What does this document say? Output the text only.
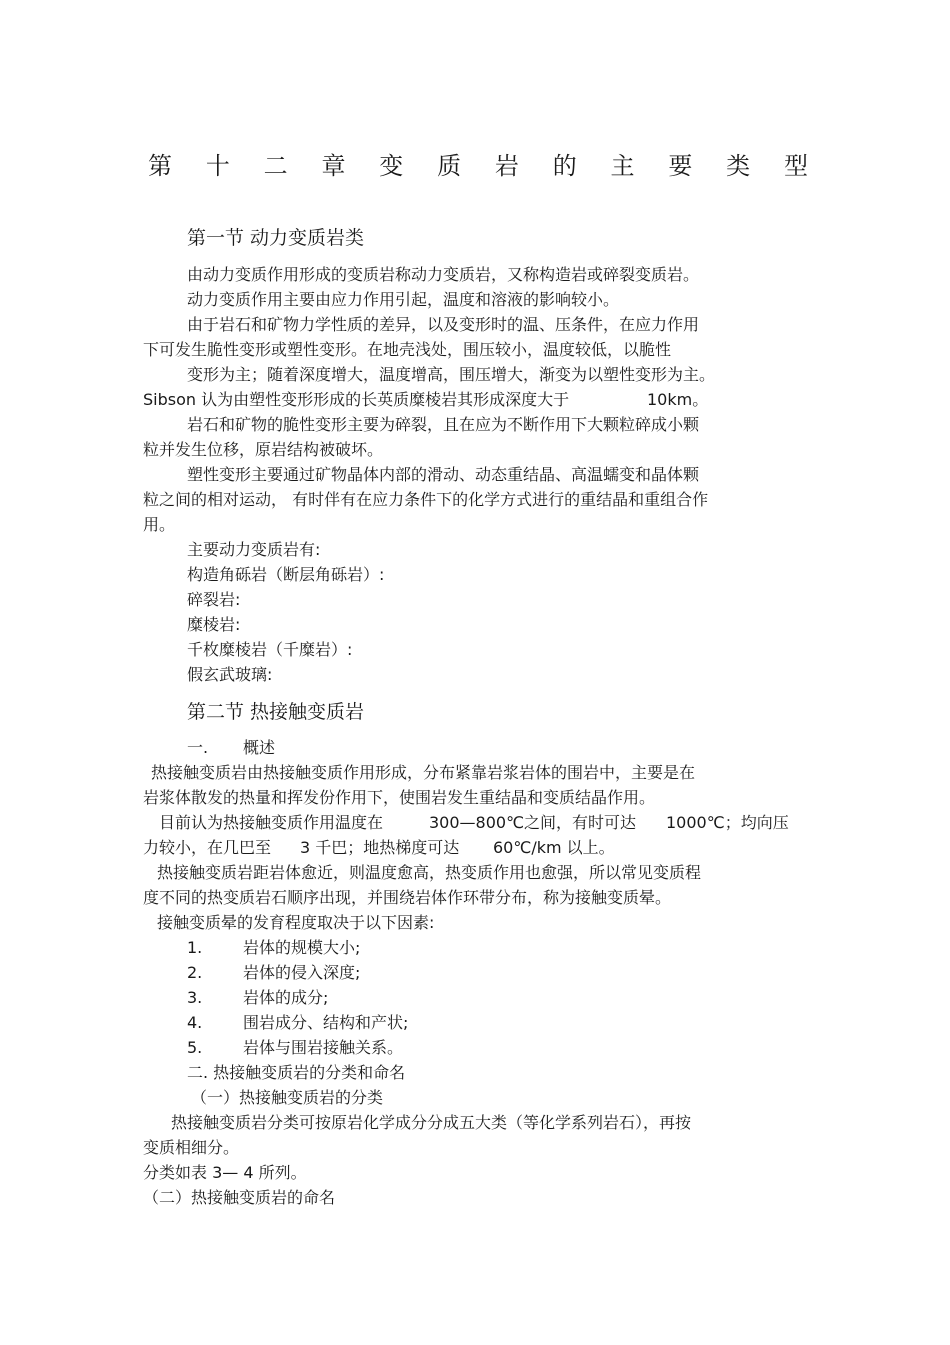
第 十 二 章 变 质 岩 的 主 要 类 型
第一节 动力变质岩类
由动力变质作用形成的变质岩称动力变质岩，又称构造岩或碎裂变质岩。
动力变质作用主要由应力作用引起，温度和溶液的影响较小。
由于岩石和矿物力学性质的差异，以及变形时的温、压条件，在应力作用
下可发生脆性变形或塑性变形。在地壳浅处，围压较小，温度较低，以脆性
变形为主；随着深度增大，温度增高，围压增大，渐变为以塑性变形为主。
Sibson 认为由塑性变形形成的长英质糜棱岩其形成深度大于	10km。
岩石和矿物的脆性变形主要为碎裂，且在应为不断作用下大颗粒碎成小颗
粒并发生位移，原岩结构被破坏。
塑性变形主要通过矿物晶体内部的滑动、动态重结晶、高温蠕变和晶体颗
粒之间的相对运动， 有时伴有在应力条件下的化学方式进行的重结晶和重组合作
用。
主要动力变质岩有:
构造角砾岩（断层角砾岩）:
碎裂岩:
糜棱岩:
千枚糜棱岩（千糜岩）:
假玄武玻璃:
第二节 热接触变质岩
一. 概述
热接触变质岩由热接触变质作用形成，分布紧靠岩浆岩体的围岩中，主要是在
岩浆体散发的热量和挥发份作用下，使围岩发生重结晶和变质结晶作用。
目前认为热接触变质作用温度在	300—800℃之间，有时可达 1000℃；均向压
力较小，在几巴至 3 千巴；地热梯度可达 60℃/km 以上。
热接触变质岩距岩体愈近，则温度愈高，热变质作用也愈强，所以常见变质程
度不同的热变质岩石顺序出现，并围绕岩体作环带分布，称为接触变质晕。
接触变质晕的发育程度取决于以下因素:
1.	岩体的规模大小;
2.	岩体的侵入深度;
3.	岩体的成分;
4.	围岩成分、结构和产状;
5.	岩体与围岩接触关系。
二. 热接触变质岩的分类和命名
（一）热接触变质岩的分类
热接触变质岩分类可按原岩化学成分分成五大类（等化学系列岩石），再按
变质相细分。
分类如表 3— 4 所列。
（二）热接触变质岩的命名
